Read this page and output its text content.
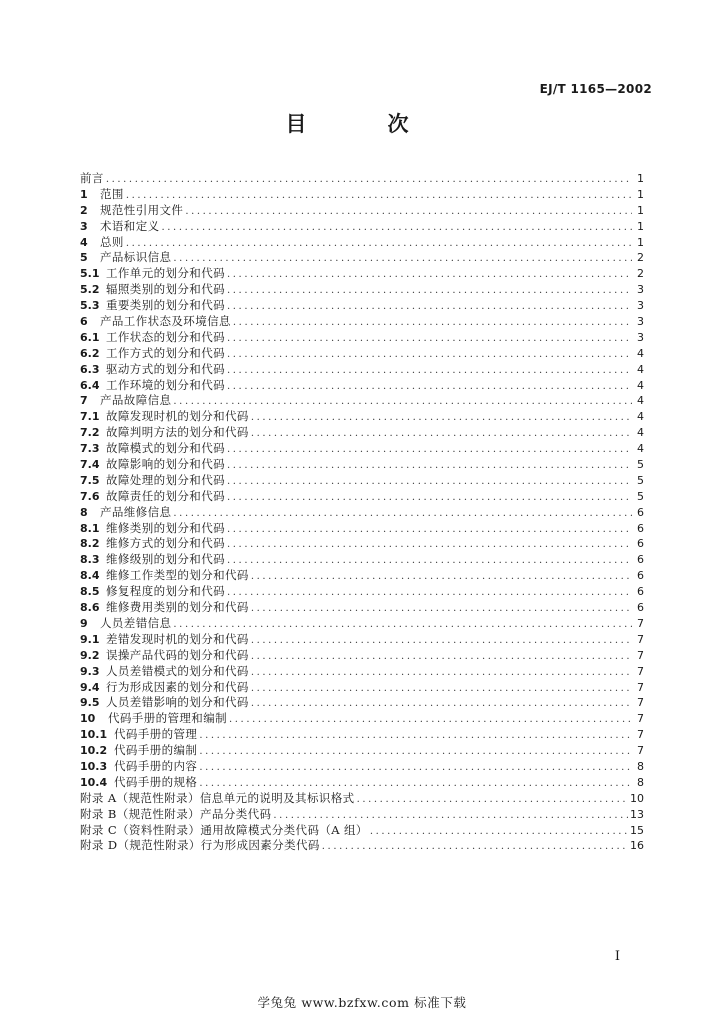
EJ/T 1165—2002
目　次
前言 .....	1
1	范围 .....	1
2	规范性引用文件 .....	1
3	术语和定义 .....	1
4	总则 .....	1
5	产品标识信息 .....	2
5.1 工作单元的划分和代码 .....	2
5.2 辐照类别的划分和代码 .....	3
5.3 重要类别的划分和代码 .....	3
6	产品工作状态及环境信息 .....	3
6.1 工作状态的划分和代码 .....	3
6.2 工作方式的划分和代码 .....	4
6.3 驱动方式的划分和代码 .....	4
6.4 工作环境的划分和代码 .....	4
7	产品故障信息 .....	4
7.1 故障发现时机的划分和代码 .....	4
7.2 故障判明方法的划分和代码 .....	4
7.3 故障模式的划分和代码 .....	4
7.4 故障影响的划分和代码 .....	5
7.5 故障处理的划分和代码 .....	5
7.6 故障责任的划分和代码 .....	5
8	产品维修信息 .....	6
8.1 维修类别的划分和代码 .....	6
8.2 维修方式的划分和代码 .....	6
8.3 维修级别的划分和代码 .....	6
8.4 维修工作类型的划分和代码 .....	6
8.5 修复程度的划分和代码 .....	6
8.6 维修费用类别的划分和代码 .....	6
9	人员差错信息 .....	7
9.1 差错发现时机的划分和代码 .....	7
9.2 误操产品代码的划分和代码 .....	7
9.3 人员差错模式的划分和代码 .....	7
9.4 行为形成因素的划分和代码 .....	7
9.5 人员差错影响的划分和代码 .....	7
10	代码手册的管理和编制 .....	7
10.1 代码手册的管理 .....	7
10.2 代码手册的编制 .....	7
10.3 代码手册的内容 .....	8
10.4 代码手册的规格 .....	8
附录 A（规范性附录）信息单元的说明及其标识格式 .....	10
附录 B（规范性附录）产品分类代码 .....	13
附录 C（资料性附录）通用故障模式分类代码（A 组） .....	15
附录 D（规范性附录）行为形成因素分类代码 .....	16
I
学兔兔 www.bzfxw.com 标准下载
